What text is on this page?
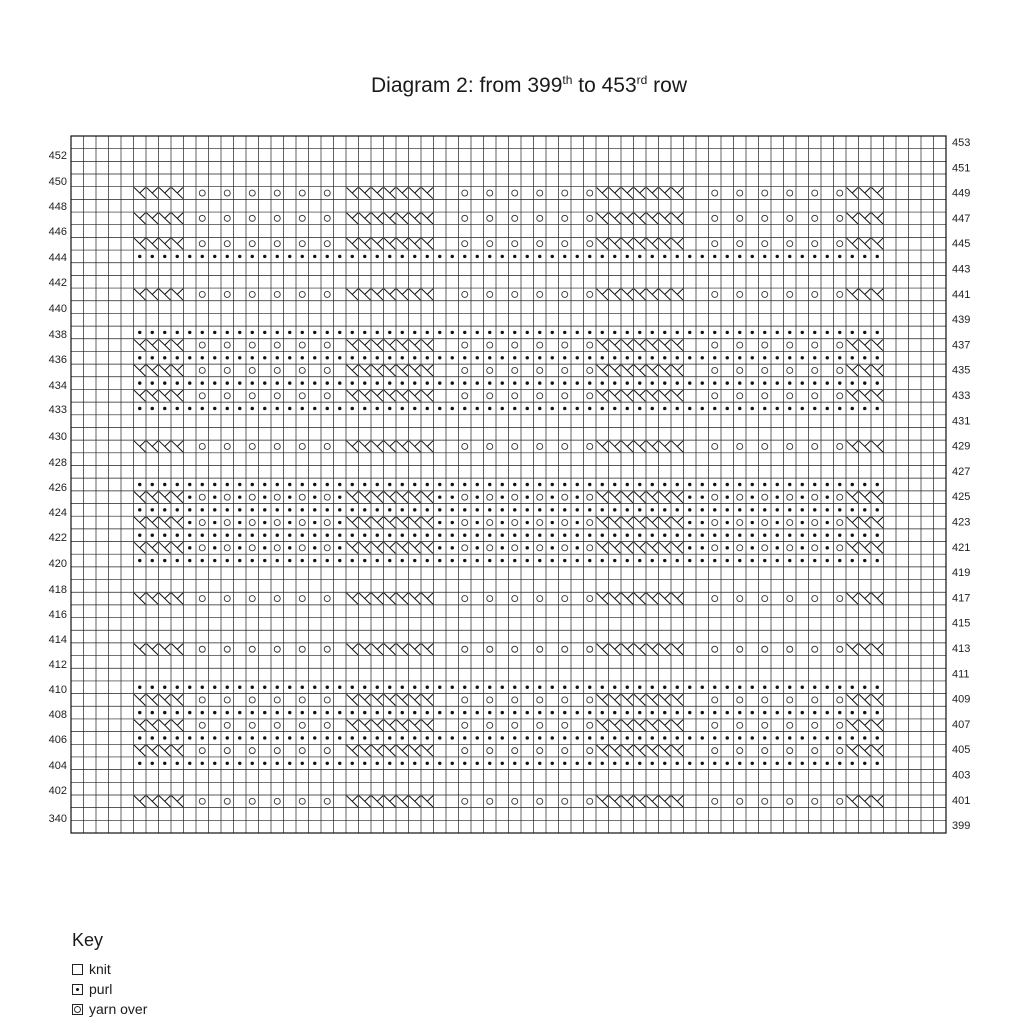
Diagram 2: from 399th to 453rd row
452
450
448
446
444
442
440
438
436
434
433
430
428
426
424
422
420
418
416
414
412
410
408
406
404
402
340
453
451
449
447
445
443
441
439
437
435
433
431
429
427
425
423
421
419
417
415
413
411
409
407
405
403
401
399
Key
knit
purl
yarn over
